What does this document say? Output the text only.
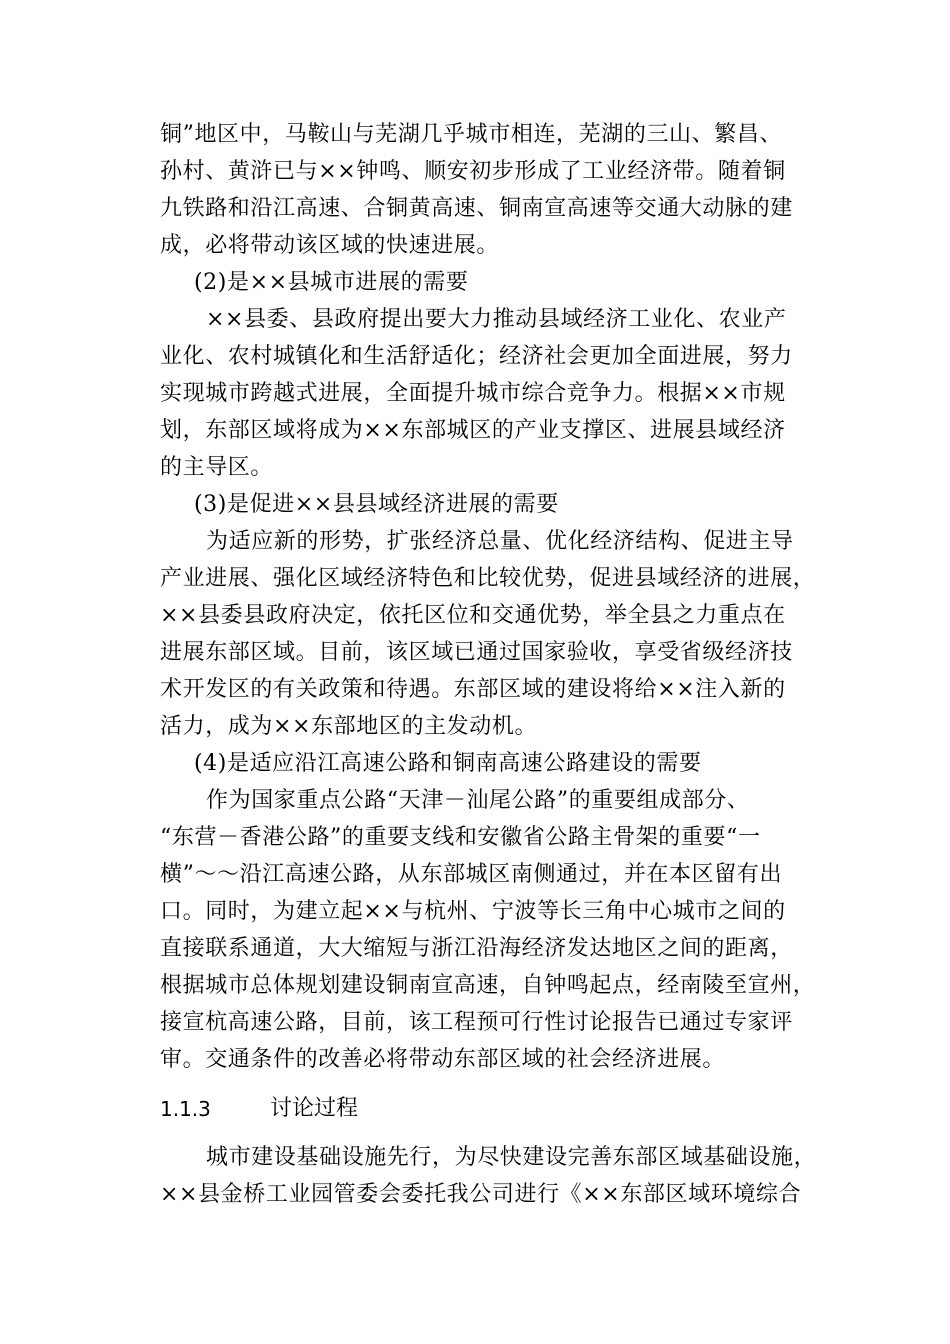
铜”地区中，马鞍山与芜湖几乎城市相连，芜湖的三山、繁昌、
孙村、黄浒已与××钟鸣、顺安初步形成了工业经济带。随着铜
九铁路和沿江高速、合铜黄高速、铜南宣高速等交通大动脉的建
成，必将带动该区域的快速进展。
(2)是××县城市进展的需要
××县委、县政府提出要大力推动县域经济工业化、农业产
业化、农村城镇化和生活舒适化；经济社会更加全面进展，努力
实现城市跨越式进展，全面提升城市综合竞争力。根据××市规
划，东部区域将成为××东部城区的产业支撑区、进展县域经济
的主导区。
(3)是促进××县县域经济进展的需要
为适应新的形势，扩张经济总量、优化经济结构、促进主导
产业进展、强化区域经济特色和比较优势，促进县域经济的进展，
××县委县政府决定，依托区位和交通优势，举全县之力重点在
进展东部区域。目前，该区域已通过国家验收，享受省级经济技
术开发区的有关政策和待遇。东部区域的建设将给××注入新的
活力，成为××东部地区的主发动机。
(4)是适应沿江高速公路和铜南高速公路建设的需要
作为国家重点公路“天津－汕尾公路”的重要组成部分、
“东营－香港公路”的重要支线和安徽省公路主骨架的重要“一
横”～～沿江高速公路，从东部城区南侧通过，并在本区留有出
口。同时，为建立起××与杭州、宁波等长三角中心城市之间的
直接联系通道，大大缩短与浙江沿海经济发达地区之间的距离，
根据城市总体规划建设铜南宣高速，自钟鸣起点，经南陵至宣州，
接宣杭高速公路，目前，该工程预可行性讨论报告已通过专家评
审。交通条件的改善必将带动东部区域的社会经济进展。
1.1.3	讨论过程
城市建设基础设施先行，为尽快建设完善东部区域基础设施，
××县金桥工业园管委会委托我公司进行《××东部区域环境综合
